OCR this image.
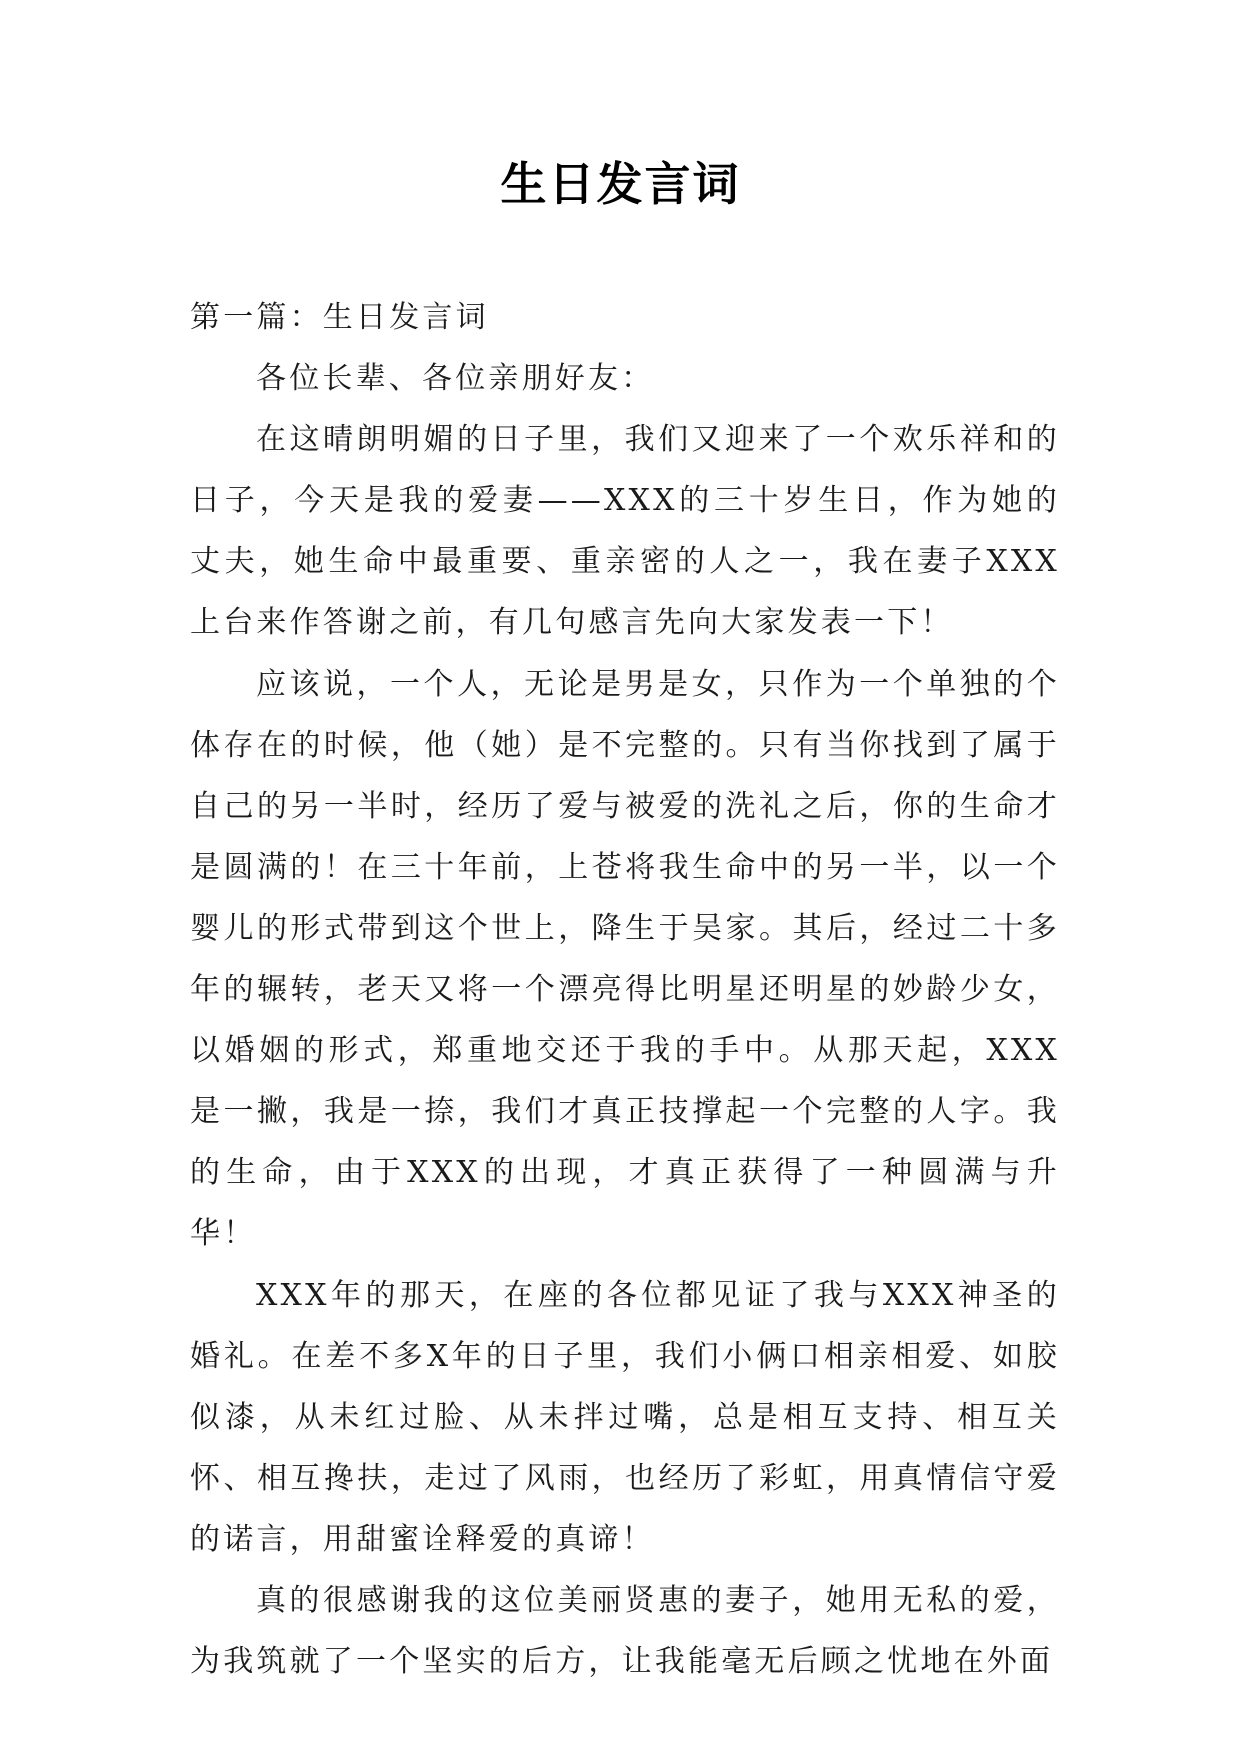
生日发言词

第一篇：生日发言词

各位长辈、各位亲朋好友：

在这晴朗明媚的日子里，我们又迎来了一个欢乐祥和的日子，今天是我的爱妻——XXX的三十岁生日，作为她的丈夫，她生命中最重要、重亲密的人之一，我在妻子XXX上台来作答谢之前，有几句感言先向大家发表一下！

应该说，一个人，无论是男是女，只作为一个单独的个体存在的时候，他（她）是不完整的。只有当你找到了属于自己的另一半时，经历了爱与被爱的洗礼之后，你的生命才是圆满的！在三十年前，上苍将我生命中的另一半，以一个婴儿的形式带到这个世上，降生于吴家。其后，经过二十多年的辗转，老天又将一个漂亮得比明星还明星的妙龄少女，以婚姻的形式，郑重地交还于我的手中。从那天起，XXX是一撇，我是一捺，我们才真正技撑起一个完整的人字。我的生命，由于XXX的出现，才真正获得了一种圆满与升华！

XXX年的那天，在座的各位都见证了我与XXX神圣的婚礼。在差不多X年的日子里，我们小俩口相亲相爱、如胶似漆，从未红过脸、从未拌过嘴，总是相互支持、相互关怀、相互搀扶，走过了风雨，也经历了彩虹，用真情信守爱的诺言，用甜蜜诠释爱的真谛！

真的很感谢我的这位美丽贤惠的妻子，她用无私的爱，为我筑就了一个坚实的后方，让我能毫无后顾之忧地在外面
